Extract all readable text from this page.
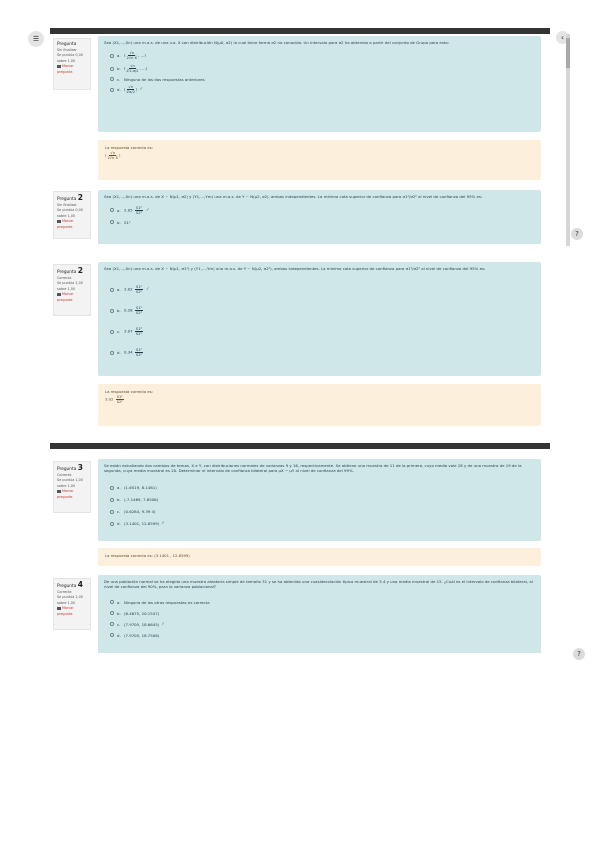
☰	‹
Pregunta
Sin finalizar
Se puntúa 0,00 sobre 1,00
Marcar pregunta
Sea (X1,…,Xn) una m.a.s. de una v.a. X con distribución N(μ0, σ2) la cual tiene forma σ2 no conocida. Un intervalo para σ2 ha obtenido a partir del conjunto de Grupo para esto:
a. ( $\frac{√n}{\text{2√n X̄}}$ , …)
b. ( $\frac{√n}{Z1-\alpha/2}$ , …)
c. Ninguna de las dos respuestas anteriores
d. ( $\frac{√n}{Z\alpha/2}$ ) ✓
La respuesta correcta es:
( $\frac{√n}{\text{2√n X̄}}$ )
Pregunta 2
Sin finalizar
Se puntúa 0,00 sobre 1,00
Marcar pregunta
Sea (X1,…,Xn) una m.a.s. de X ~ N(μ1, σ2) y (Y1,…,Ym) una m.a.s. de Y ~ N(μ2, σ2), ambas independientes. La mínima cota superior de confianza para σ1²/σ2² al nivel de confianza del 95% es:
a. $2.05 \frac{\text{S1²}}{\text{S2²}}$ ✓
b. S1²
?
Pregunta 2
Correcta
Se puntúa 1,00 sobre 1,00
Marcar pregunta
Sea (X1,…,Xn) una m.a.s. de X ~ N(μ1, σ1²) y (Y1,…,Ym) una m.a.s. de Y ~ N(μ2, σ2²), ambas independientes. La mínima cota superior de confianza para σ1²/σ2² al nivel de confianza del 95% es:
a. $3.02 \frac{\text{S1²}}{\text{S2²}}$ ✓
b. $0.28 \frac{\text{S1²}}{\text{S2²}}$
c. $3.07 \frac{\text{S1²}}{\text{S2²}}$
d. $0.34 \frac{\text{S1²}}{\text{S2²}}$
La respuesta correcta es:
$3.02 \frac{\text{S1²}}{\text{S2²}}$
Pregunta 3
Correcta
Se puntúa 1,00 sobre 1,00
Marcar pregunta
Se están estudiando dos cambios de temas, X e Y, con distribuciones normales de varianzas 9 y 16, respectivamente. Se obtiene una muestra de 11 de la primera, cuyo media vale 28 y de una muestra de 19 de la segunda, cuya media muestral es 20. Determinar el intervalo de confianza bilateral para μX − μY al nivel de confianza del 99%.
a. (1.6519, 8.1481)
b. (-7.1469, 7.6506)
c. (0.6284, 9.39 4)
d. (3.1401, 12.8599) ✓
La respuesta correcta es: (3.1401 , 12.8599)
Pregunta 4
Correcta
Se puntúa 1,00 sobre 1,00
Marcar pregunta
De una población normal se ha elegido una muestra aleatoria simple de tamaño 31 y se ha obtenido una cuasidesviación típica muestral de 3.4 y una media muestral de 15. ¿Cuál es el intervalo de confianza bilateral, al nivel de confianza del 90%, para la varianza poblacional?
a. Ninguna de las otras respuestas es correcta
b. (6.4675, 20.1547)
c. (7.9705, 18.6645) ✓
d. (7.9705, 18.7508)
?
